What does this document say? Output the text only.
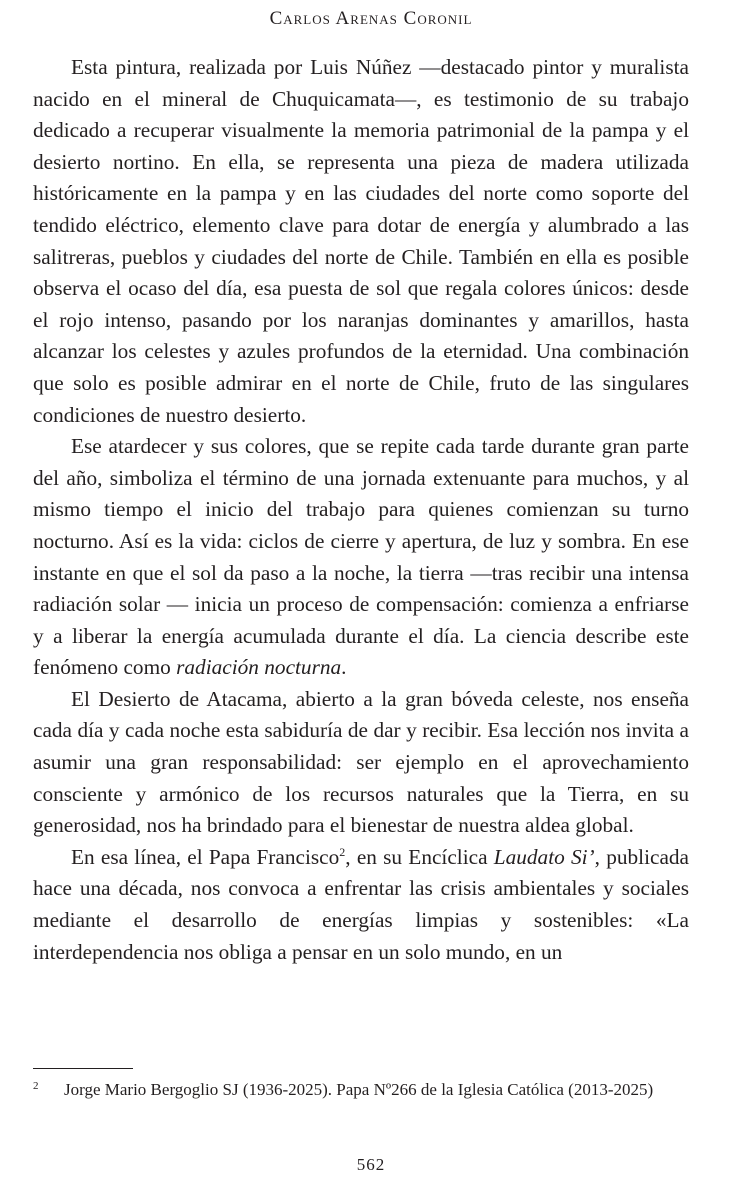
Carlos Arenas Coronil

Esta pintura, realizada por Luis Núñez —destacado pintor y muralista nacido en el mineral de Chuquicamata—, es testimonio de su trabajo dedicado a recuperar visualmente la memoria patrimonial de la pampa y el desierto nortino. En ella, se representa una pieza de madera utilizada históricamente en la pampa y en las ciudades del norte como soporte del tendido eléctrico, elemento clave para dotar de energía y alumbrado a las salitreras, pueblos y ciudades del norte de Chile. También en ella es posible observa el ocaso del día, esa puesta de sol que regala colores únicos: desde el rojo intenso, pasando por los naranjas dominantes y amarillos, hasta alcanzar los celestes y azules profundos de la eternidad. Una combinación que solo es posible admirar en el norte de Chile, fruto de las singulares condiciones de nuestro desierto.

Ese atardecer y sus colores, que se repite cada tarde durante gran parte del año, simboliza el término de una jornada extenuante para muchos, y al mismo tiempo el inicio del trabajo para quienes comienzan su turno nocturno. Así es la vida: ciclos de cierre y apertura, de luz y sombra. En ese instante en que el sol da paso a la noche, la tierra —tras recibir una intensa radiación solar — inicia un proceso de compensación: comienza a enfriarse y a liberar la energía acumulada durante el día. La ciencia describe este fenómeno como radiación nocturna.

El Desierto de Atacama, abierto a la gran bóveda celeste, nos enseña cada día y cada noche esta sabiduría de dar y recibir. Esa lección nos invita a asumir una gran responsabilidad: ser ejemplo en el aprovechamiento consciente y armónico de los recursos naturales que la Tierra, en su generosidad, nos ha brindado para el bienestar de nuestra aldea global.

En esa línea, el Papa Francisco$^2$, en su Encíclica Laudato Si’, publicada hace una década, nos convoca a enfrentar las crisis ambientales y sociales mediante el desarrollo de energías limpias y sostenibles: «La interdependencia nos obliga a pensar en un solo mundo, en un

2 Jorge Mario Bergoglio SJ (1936-2025). Papa Nº266 de la Iglesia Católica (2013-2025)
562
